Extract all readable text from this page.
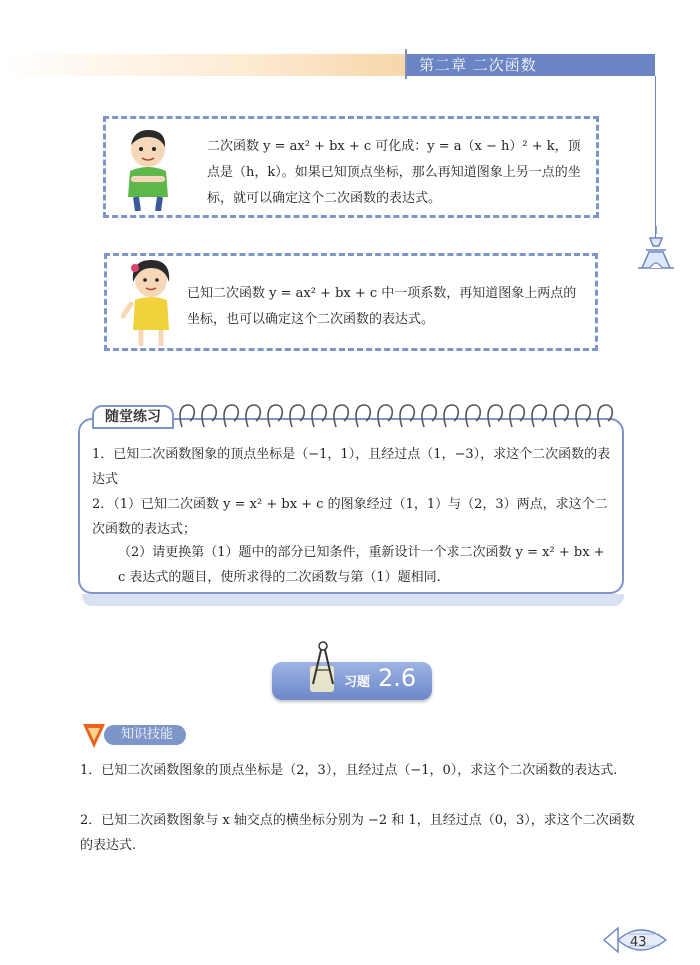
第二章 二次函数
二次函数 y = ax² + bx + c 可化成：y = a（x − h）² + k，顶点是（h，k）。如果已知顶点坐标，那么再知道图象上另一点的坐标，就可以确定这个二次函数的表达式。
已知二次函数 y = ax² + bx + c 中一项系数，再知道图象上两点的坐标，也可以确定这个二次函数的表达式。
随堂练习
1．已知二次函数图象的顶点坐标是（−1，1），且经过点（1，−3），求这个二次函数的表达式
2．（1）已知二次函数 y = x² + bx + c 的图象经过（1，1）与（2，3）两点，求这个二次函数的表达式；
（2）请更换第（1）题中的部分已知条件，重新设计一个求二次函数 y = x² + bx + c 表达式的题目，使所求得的二次函数与第（1）题相同.
习题 2.6
知识技能
1．已知二次函数图象的顶点坐标是（2，3），且经过点（−1，0），求这个二次函数的表达式.
2．已知二次函数图象与 x 轴交点的横坐标分别为 −2 和 1，且经过点（0，3），求这个二次函数的表达式.
43
